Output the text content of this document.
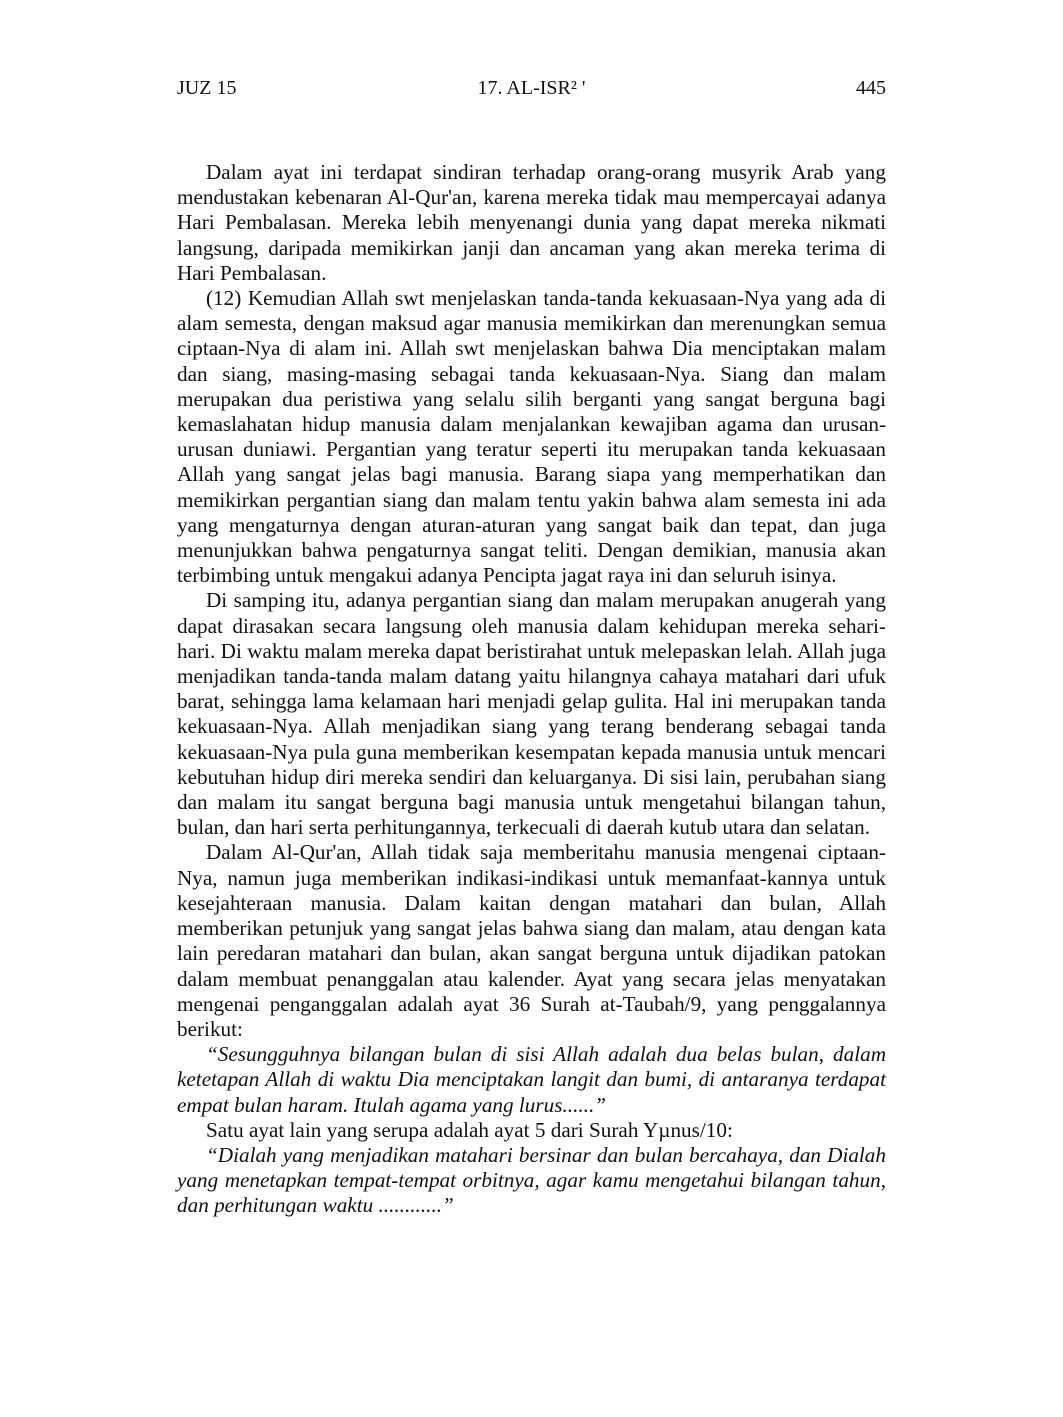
JUZ 15	17. AL-ISR² '	445

Dalam ayat ini terdapat sindiran terhadap orang-orang musyrik Arab yang mendustakan kebenaran Al-Qur'an, karena mereka tidak mau mempercayai adanya Hari Pembalasan. Mereka lebih menyenangi dunia yang dapat mereka nikmati langsung, daripada memikirkan janji dan ancaman yang akan mereka terima di Hari Pembalasan.

(12) Kemudian Allah swt menjelaskan tanda-tanda kekuasaan-Nya yang ada di alam semesta, dengan maksud agar manusia memikirkan dan merenungkan semua ciptaan-Nya di alam ini. Allah swt menjelaskan bahwa Dia menciptakan malam dan siang, masing-masing sebagai tanda kekuasaan-Nya. Siang dan malam merupakan dua peristiwa yang selalu silih berganti yang sangat berguna bagi kemaslahatan hidup manusia dalam menjalankan kewajiban agama dan urusan-urusan duniawi. Pergantian yang teratur seperti itu merupakan tanda kekuasaan Allah yang sangat jelas bagi manusia. Barang siapa yang memperhatikan dan memikirkan pergantian siang dan malam tentu yakin bahwa alam semesta ini ada yang mengaturnya dengan aturan-aturan yang sangat baik dan tepat, dan juga menunjukkan bahwa pengaturnya sangat teliti. Dengan demikian, manusia akan terbimbing untuk mengakui adanya Pencipta jagat raya ini dan seluruh isinya.

Di samping itu, adanya pergantian siang dan malam merupakan anugerah yang dapat dirasakan secara langsung oleh manusia dalam kehidupan mereka sehari-hari. Di waktu malam mereka dapat beristirahat untuk melepaskan lelah. Allah juga menjadikan tanda-tanda malam datang yaitu hilangnya cahaya matahari dari ufuk barat, sehingga lama kelamaan hari menjadi gelap gulita. Hal ini merupakan tanda kekuasaan-Nya. Allah menjadikan siang yang terang benderang sebagai tanda kekuasaan-Nya pula guna memberikan kesempatan kepada manusia untuk mencari kebutuhan hidup diri mereka sendiri dan keluarganya. Di sisi lain, perubahan siang dan malam itu sangat berguna bagi manusia untuk mengetahui bilangan tahun, bulan, dan hari serta perhitungannya, terkecuali di daerah kutub utara dan selatan.

Dalam Al-Qur'an, Allah tidak saja memberitahu manusia mengenai ciptaan-Nya, namun juga memberikan indikasi-indikasi untuk memanfaat-kannya untuk kesejahteraan manusia. Dalam kaitan dengan matahari dan bulan, Allah memberikan petunjuk yang sangat jelas bahwa siang dan malam, atau dengan kata lain peredaran matahari dan bulan, akan sangat berguna untuk dijadikan patokan dalam membuat penanggalan atau kalender. Ayat yang secara jelas menyatakan mengenai penganggalan adalah ayat 36 Surah at-Taubah/9, yang penggalannya berikut:

“Sesungguhnya bilangan bulan di sisi Allah adalah dua belas bulan, dalam ketetapan Allah di waktu Dia menciptakan langit dan bumi, di antaranya terdapat empat bulan haram. Itulah agama yang lurus......”

Satu ayat lain yang serupa adalah ayat 5 dari Surah Yµnus/10:

“Dialah yang menjadikan matahari bersinar dan bulan bercahaya, dan Dialah yang menetapkan tempat-tempat orbitnya, agar kamu mengetahui bilangan tahun, dan perhitungan waktu ............”
